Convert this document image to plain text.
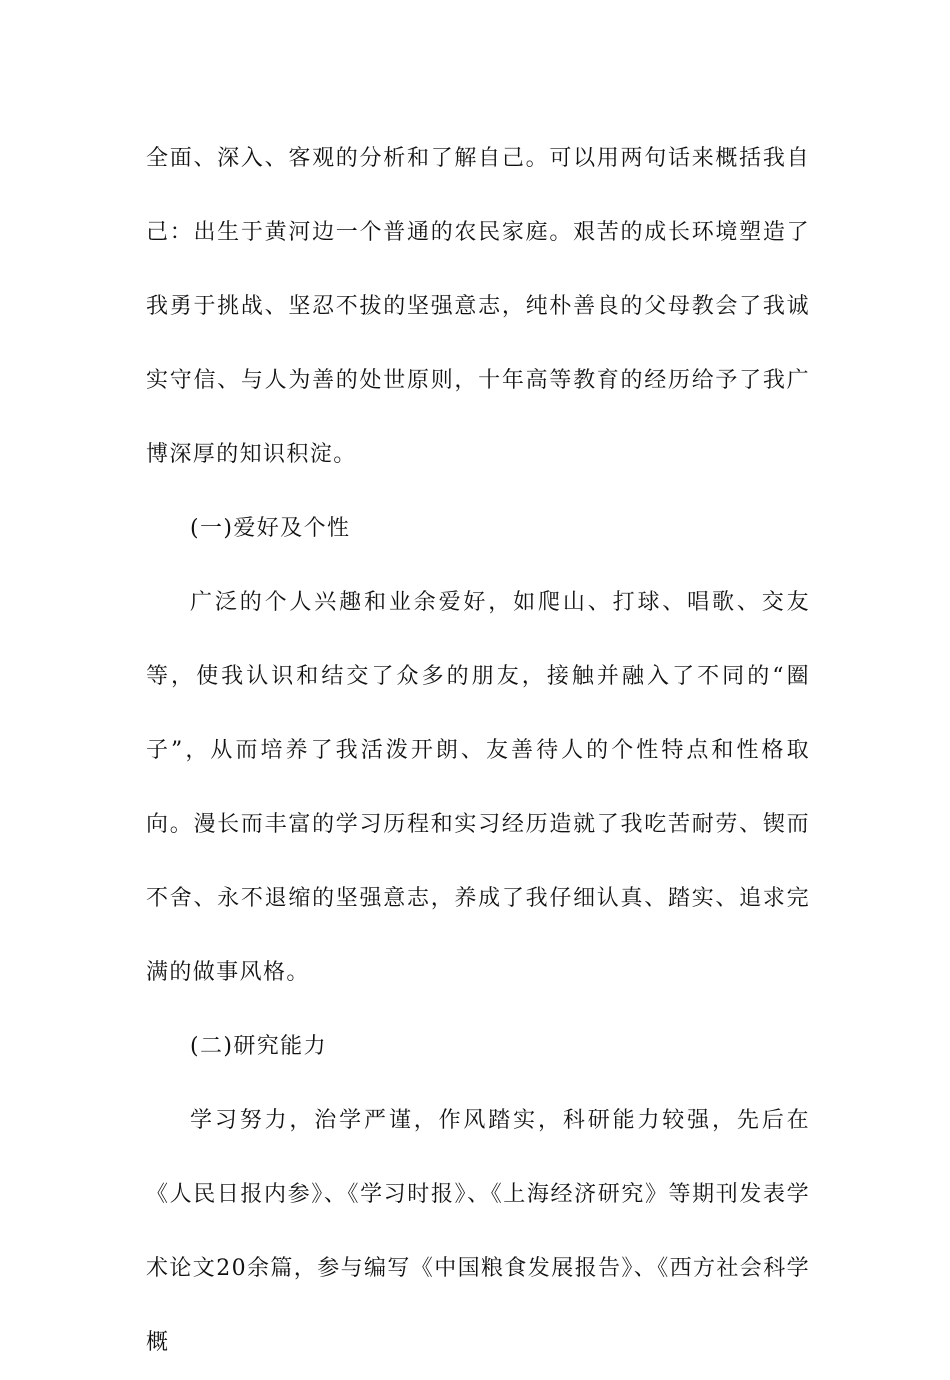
全面、深入、客观的分析和了解自己。可以用两句话来概括我自己：出生于黄河边一个普通的农民家庭。艰苦的成长环境塑造了我勇于挑战、坚忍不拔的坚强意志，纯朴善良的父母教会了我诚实守信、与人为善的处世原则，十年高等教育的经历给予了我广博深厚的知识积淀。

(一)爱好及个性

广泛的个人兴趣和业余爱好，如爬山、打球、唱歌、交友等，使我认识和结交了众多的朋友，接触并融入了不同的“圈子”，从而培养了我活泼开朗、友善待人的个性特点和性格取向。漫长而丰富的学习历程和实习经历造就了我吃苦耐劳、锲而不舍、永不退缩的坚强意志，养成了我仔细认真、踏实、追求完满的做事风格。

(二)研究能力

学习努力，治学严谨，作风踏实，科研能力较强，先后在《人民日报内参》、《学习时报》、《上海经济研究》等期刊发表学术论文20余篇，参与编写《中国粮食发展报告》、《西方社会科学概
